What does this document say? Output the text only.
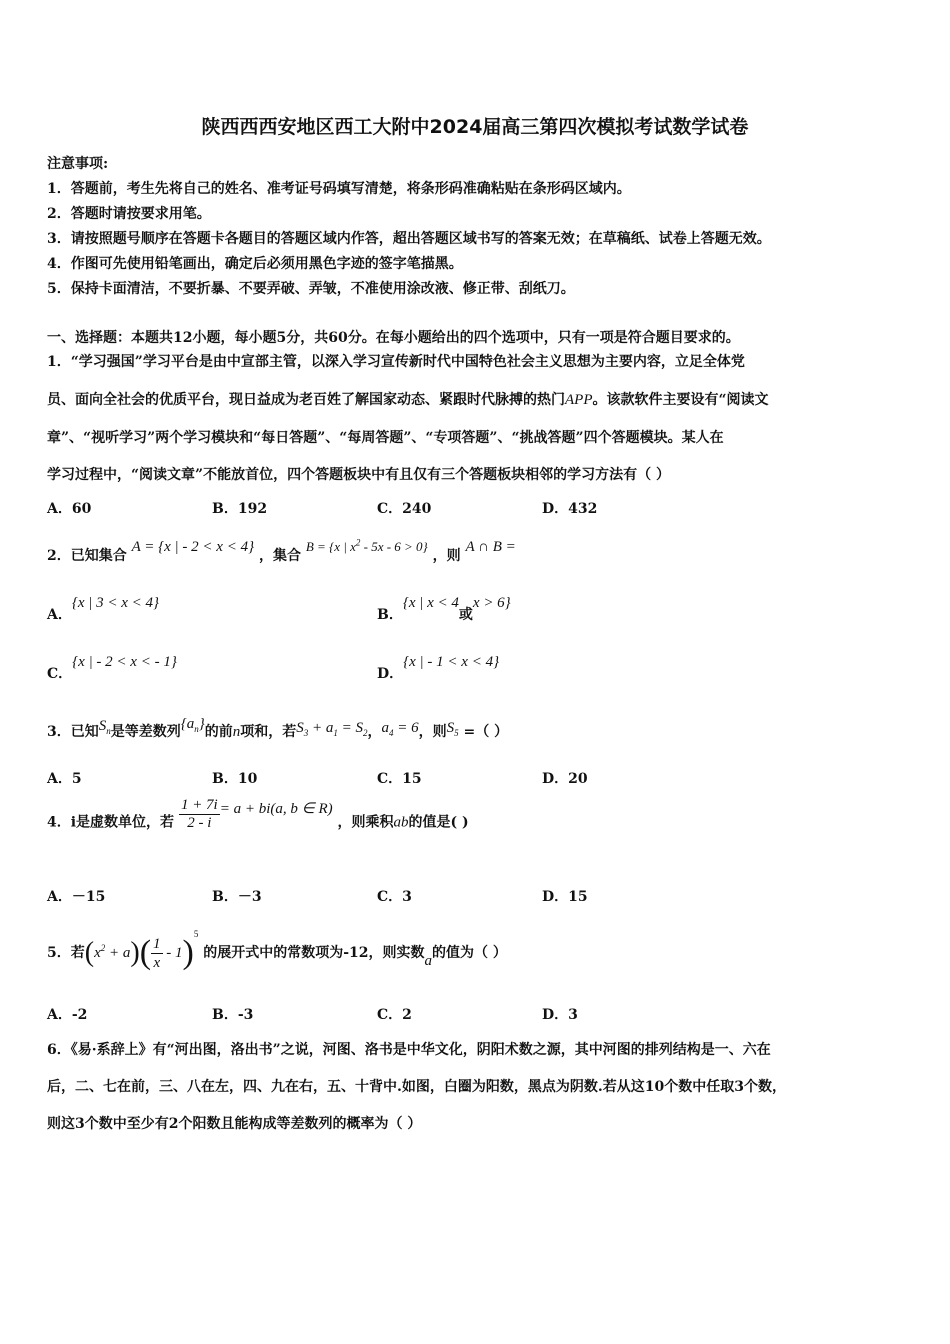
陕西西西安地区西工大附中2024届高三第四次模拟考试数学试卷
注意事项:
1．答题前，考生先将自己的姓名、准考证号码填写清楚，将条形码准确粘贴在条形码区域内。
2．答题时请按要求用笔。
3．请按照题号顺序在答题卡各题目的答题区域内作答，超出答题区域书写的答案无效；在草稿纸、试卷上答题无效。
4．作图可先使用铅笔画出，确定后必须用黑色字迹的签字笔描黑。
5．保持卡面清洁，不要折暴、不要弄破、弄皱，不准使用涂改液、修正带、刮纸刀。
一、选择题：本题共12小题，每小题5分，共60分。在每小题给出的四个选项中，只有一项是符合题目要求的。
1．“学习强国”学习平台是由中宣部主管，以深入学习宣传新时代中国特色社会主义思想为主要内容，立足全体党
员、面向全社会的优质平台，现日益成为老百姓了解国家动态、紧跟时代脉搏的热门APP。该款软件主要设有“阅读文
章”、“视听学习”两个学习模块和“每日答题”、“每周答题”、“专项答题”、“挑战答题”四个答题模块。某人在
学习过程中，“阅读文章”不能放首位，四个答题板块中有且仅有三个答题板块相邻的学习方法有（ ）
A．60	B．192	C．240	D．432
2．已知集合 A = {x | - 2 < x < 4} ，集合 B = {x | $x^2 - 5x - 6 > 0$} ，则 A ∩ B =
A．{x | 3 < x < 4}
B．{x | x < 4或x > 6}
C．{x | - 2 < x < - 1}
D．{x | - 1 < x < 4}
3．已知$S_n$是等差数列$\{a_n\}$的前n项和，若$S_3 + a_1 = S_2$，$a_4 = 6$，则$S_5$ =（ ）
A．5	B．10	C．15	D．20
4．i是虚数单位，若 $\frac{1 + 7i}{2 - i} = a + bi(a$, b ∈ R) ，则乘积ab的值是( )
A．－15	B．－3	C．3	D．15
5．若$(x^2 + a)( \frac{1}{x} - 1)^5$ 的展开式中的常数项为-12，则实数a的值为（ ）
A．-2	B．-3	C．2	D．3
6．《易·系辞上》有“河出图，洛出书”之说，河图、洛书是中华文化，阴阳术数之源，其中河图的排列结构是一、六在
后，二、七在前，三、八在左，四、九在右，五、十背中.如图，白圈为阳数，黑点为阴数.若从这10个数中任取3个数，
则这3个数中至少有2个阳数且能构成等差数列的概率为（ ）
